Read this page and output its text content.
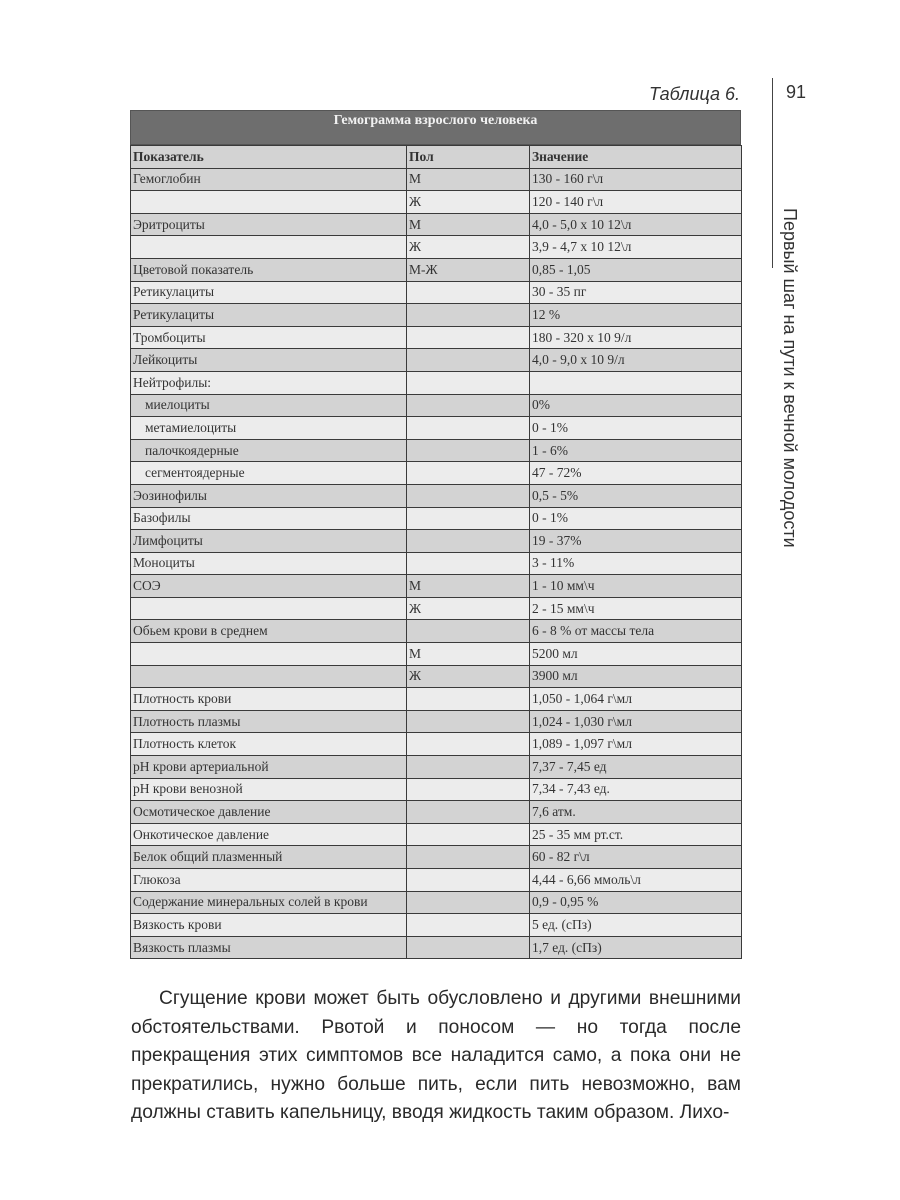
Таблица 6.	91
Первый шаг на пути к вечной молодости
Гемограмма взрослого человека
Показатель	Пол	Значение
Гемоглобин	М	130 - 160 г\л
	Ж	120 - 140 г\л
Эритроциты	М	4,0 - 5,0 х 10 12\л
	Ж	3,9 - 4,7 х 10 12\л
Цветовой показатель	М-Ж	0,85 - 1,05
Ретикулациты		30 - 35 пг
Ретикулациты		12 %
Тромбоциты		180 - 320 х 10 9/л
Лейкоциты		4,0 - 9,0 х 10 9/л
Нейтрофилы:		
миелоциты		0%
метамиелоциты		0 - 1%
палочкоядерные		1 - 6%
сегментоядерные		47 - 72%
Эозинофилы		0,5 - 5%
Базофилы		0 - 1%
Лимфоциты		19 - 37%
Моноциты		3 - 11%
СОЭ	М	1 - 10 мм\ч
	Ж	2 - 15 мм\ч
Обьем крови в среднем		6 - 8 % от массы тела
	М	5200 мл
	Ж	3900 мл
Плотность крови		1,050 - 1,064 г\мл
Плотность плазмы		1,024 - 1,030 г\мл
Плотность клеток		1,089 - 1,097 г\мл
pH крови артериальной		7,37 - 7,45 ед
pH крови венозной		7,34 - 7,43 ед.
Осмотическое давление		7,6 атм.
Онкотическое давление		25 - 35 мм рт.ст.
Белок общий плазменный		60 - 82 г\л
Глюкоза		4,44 - 6,66 ммоль\л
Содержание минеральных солей в крови		0,9 - 0,95 %
Вязкость крови		5 ед. (сПз)
Вязкость плазмы		1,7 ед. (сПз)

Сгущение крови может быть обусловлено и другими внешними обстоятельствами. Рвотой и поносом — но тогда после прекращения этих симптомов все наладится само, а пока они не прекратились, нужно больше пить, если пить невозможно, вам должны ставить капельницу, вводя жидкость таким образом. Лихо-
